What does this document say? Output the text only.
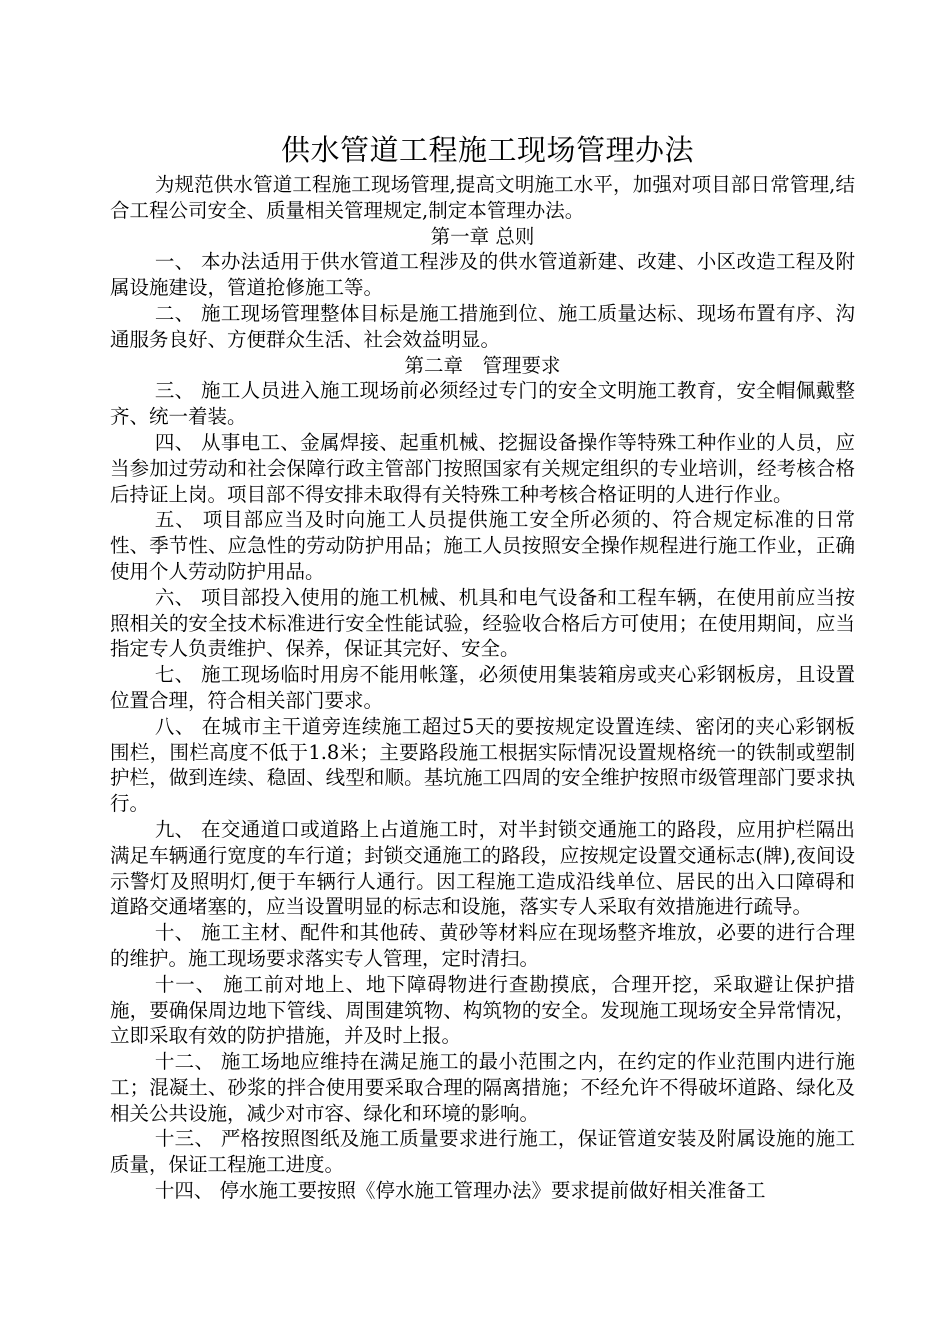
供水管道工程施工现场管理办法

为规范供水管道工程施工现场管理,提高文明施工水平，加强对项目部日常管理,结合工程公司安全、质量相关管理规定,制定本管理办法。

第一章 总则

一、 本办法适用于供水管道工程涉及的供水管道新建、改建、小区改造工程及附属设施建设，管道抢修施工等。

二、 施工现场管理整体目标是施工措施到位、施工质量达标、现场布置有序、沟通服务良好、方便群众生活、社会效益明显。

第二章　管理要求

三、 施工人员进入施工现场前必须经过专门的安全文明施工教育，安全帽佩戴整齐、统一着装。

四、 从事电工、金属焊接、起重机械、挖掘设备操作等特殊工种作业的人员，应当参加过劳动和社会保障行政主管部门按照国家有关规定组织的专业培训，经考核合格后持证上岗。项目部不得安排未取得有关特殊工种考核合格证明的人进行作业。

五、 项目部应当及时向施工人员提供施工安全所必须的、符合规定标准的日常性、季节性、应急性的劳动防护用品；施工人员按照安全操作规程进行施工作业，正确使用个人劳动防护用品。

六、 项目部投入使用的施工机械、机具和电气设备和工程车辆，在使用前应当按照相关的安全技术标准进行安全性能试验，经验收合格后方可使用；在使用期间，应当指定专人负责维护、保养，保证其完好、安全。

七、 施工现场临时用房不能用帐篷，必须使用集装箱房或夹心彩钢板房，且设置位置合理，符合相关部门要求。

八、 在城市主干道旁连续施工超过5天的要按规定设置连续、密闭的夹心彩钢板围栏，围栏高度不低于1.8米；主要路段施工根据实际情况设置规格统一的铁制或塑制护栏，做到连续、稳固、线型和顺。基坑施工四周的安全维护按照市级管理部门要求执行。

九、 在交通道口或道路上占道施工时，对半封锁交通施工的路段，应用护栏隔出满足车辆通行宽度的车行道；封锁交通施工的路段，应按规定设置交通标志(牌),夜间设示警灯及照明灯,便于车辆行人通行。因工程施工造成沿线单位、居民的出入口障碍和道路交通堵塞的，应当设置明显的标志和设施，落实专人采取有效措施进行疏导。

十、 施工主材、配件和其他砖、黄砂等材料应在现场整齐堆放，必要的进行合理的维护。施工现场要求落实专人管理，定时清扫。

十一、 施工前对地上、地下障碍物进行查勘摸底，合理开挖，采取避让保护措施，要确保周边地下管线、周围建筑物、构筑物的安全。发现施工现场安全异常情况，立即采取有效的防护措施，并及时上报。

十二、 施工场地应维持在满足施工的最小范围之内，在约定的作业范围内进行施工；混凝土、砂浆的拌合使用要采取合理的隔离措施；不经允许不得破坏道路、绿化及相关公共设施，减少对市容、绿化和环境的影响。

十三、 严格按照图纸及施工质量要求进行施工，保证管道安装及附属设施的施工质量，保证工程施工进度。

十四、 停水施工要按照《停水施工管理办法》要求提前做好相关准备工
